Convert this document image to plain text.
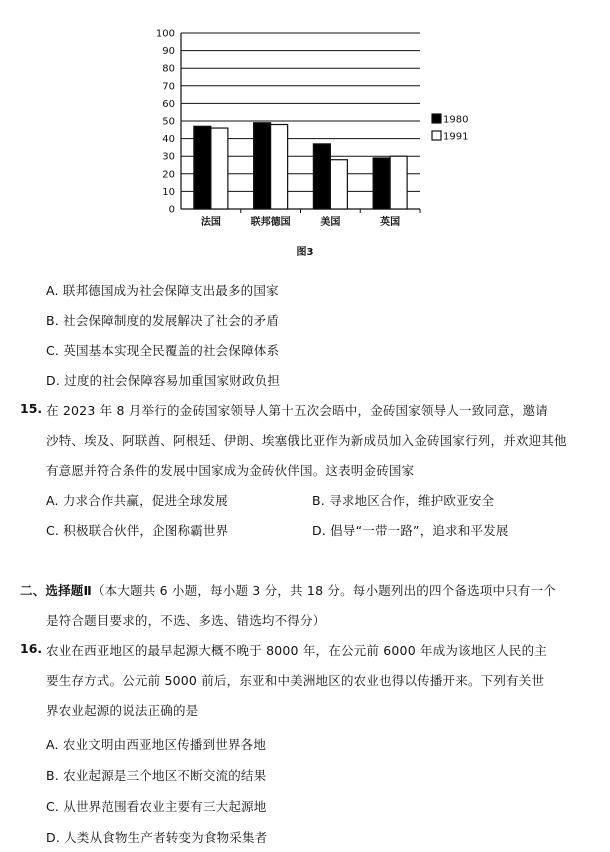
0
10
20
30
40
50
60
70
80
90
100
法国	联邦德国	美国	英国
1980
1991
图3
A. 联邦德国成为社会保障支出最多的国家
B. 社会保障制度的发展解决了社会的矛盾
C. 英国基本实现全民覆盖的社会保障体系
D. 过度的社会保障容易加重国家财政负担
15. 在 2023 年 8 月举行的金砖国家领导人第十五次会晤中，金砖国家领导人一致同意，邀请
沙特、埃及、阿联酋、阿根廷、伊朗、埃塞俄比亚作为新成员加入金砖国家行列，并欢迎其他
有意愿并符合条件的发展中国家成为金砖伙伴国。这表明金砖国家
A. 力求合作共赢，促进全球发展	B. 寻求地区合作，维护欧亚安全
C. 积极联合伙伴，企图称霸世界	D. 倡导“一带一路”，追求和平发展
二、选择题Ⅱ（本大题共 6 小题，每小题 3 分，共 18 分。每小题列出的四个备选项中只有一个
是符合题目要求的，不选、多选、错选均不得分）
16. 农业在西亚地区的最早起源大概不晚于 8000 年，在公元前 6000 年成为该地区人民的主
要生存方式。公元前 5000 前后，东亚和中美洲地区的农业也得以传播开来。下列有关世
界农业起源的说法正确的是
A. 农业文明由西亚地区传播到世界各地
B. 农业起源是三个地区不断交流的结果
C. 从世界范围看农业主要有三大起源地
D. 人类从食物生产者转变为食物采集者
